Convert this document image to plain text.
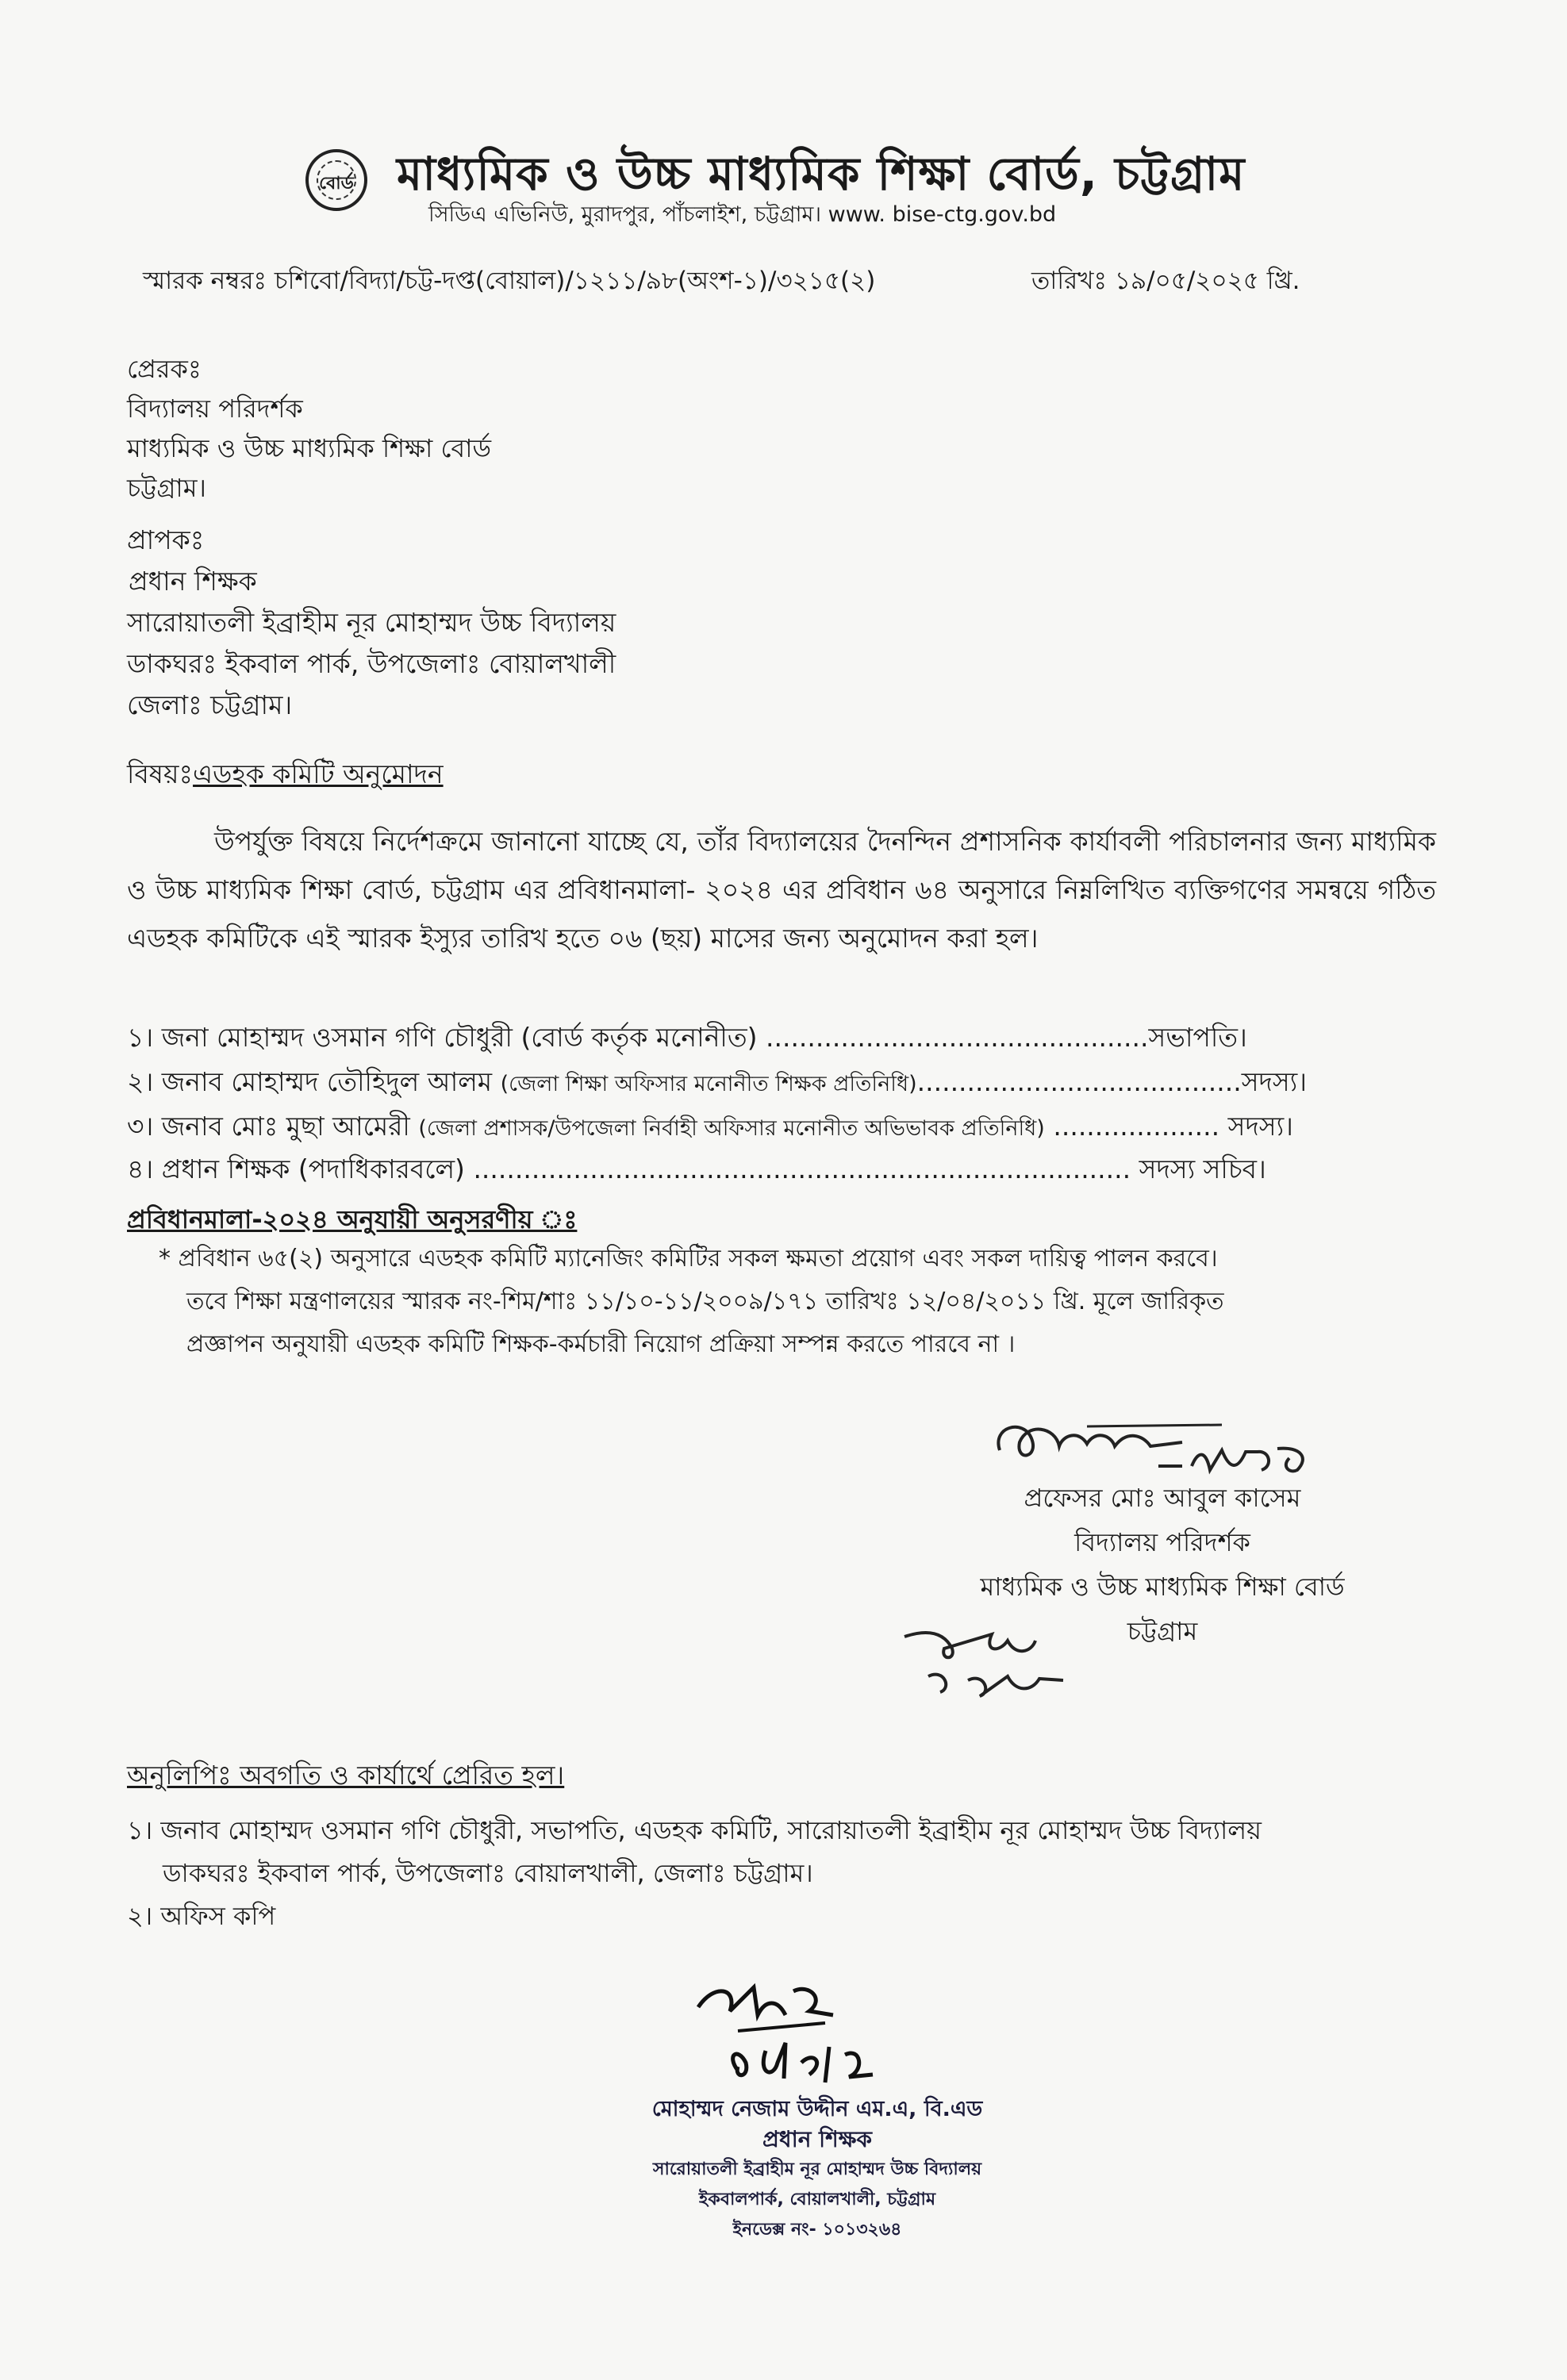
বোর্ড মাধ্যমিক ও উচ্চ মাধ্যমিক শিক্ষা বোর্ড, চট্টগ্রাম
সিডিএ এভিনিউ, মুরাদপুর, পাঁচলাইশ, চট্টগ্রাম। www. bise-ctg.gov.bd
স্মারক নম্বরঃ চশিবো/বিদ্যা/চট্ট-দপ্ত(বোয়াল)/১২১১/৯৮(অংশ-১)/৩২১৫(২)	তারিখঃ ১৯/০৫/২০২৫ খ্রি.
প্রেরকঃ
বিদ্যালয় পরিদর্শক
মাধ্যমিক ও উচ্চ মাধ্যমিক শিক্ষা বোর্ড
চট্টগ্রাম।
প্রাপকঃ
প্রধান শিক্ষক
সারোয়াতলী ইব্রাহীম নূর মোহাম্মদ উচ্চ বিদ্যালয়
ডাকঘরঃ ইকবাল পার্ক, উপজেলাঃ বোয়ালখালী
জেলাঃ চট্টগ্রাম।
বিষয়ঃএডহক কমিটি অনুমোদন
উপর্যুক্ত বিষয়ে নির্দেশক্রমে জানানো যাচ্ছে যে, তাঁর বিদ্যালয়ের দৈনন্দিন প্রশাসনিক কার্যাবলী পরিচালনার জন্য মাধ্যমিক ও উচ্চ মাধ্যমিক শিক্ষা বোর্ড, চট্টগ্রাম এর প্রবিধানমালা- ২০২৪ এর প্রবিধান ৬৪ অনুসারে নিম্নলিখিত ব্যক্তিগণের সমন্বয়ে গঠিত এডহক কমিটিকে এই স্মারক ইস্যুর তারিখ হতে ০৬ (ছয়) মাসের জন্য অনুমোদন করা হল।
১। জনা মোহাম্মদ ওসমান গণি চৌধুরী (বোর্ড কর্তৃক মনোনীত) ..............................................সভাপতি।
২। জনাব মোহাম্মদ তৌহিদুল আলম (জেলা শিক্ষা অফিসার মনোনীত শিক্ষক প্রতিনিধি).......................................সদস্য।
৩। জনাব মোঃ মুছা আমেরী (জেলা প্রশাসক/উপজেলা নির্বাহী অফিসার মনোনীত অভিভাবক প্রতিনিধি) .................... সদস্য।
৪। প্রধান শিক্ষক (পদাধিকারবলে) ............................................................................... সদস্য সচিব।
প্রবিধানমালা-২০২৪ অনুযায়ী অনুসরণীয় ঃ
* প্রবিধান ৬৫(২) অনুসারে এডহক কমিটি ম্যানেজিং কমিটির সকল ক্ষমতা প্রয়োগ এবং সকল দায়িত্ব পালন করবে।
তবে শিক্ষা মন্ত্রণালয়ের স্মারক নং-শিম/শাঃ ১১/১০-১১/২০০৯/১৭১ তারিখঃ ১২/০৪/২০১১ খ্রি. মূলে জারিকৃত
প্রজ্ঞাপন অনুযায়ী এডহক কমিটি শিক্ষক-কর্মচারী নিয়োগ প্রক্রিয়া সম্পন্ন করতে পারবে না ।
প্রফেসর মোঃ আবুল কাসেম
বিদ্যালয় পরিদর্শক
মাধ্যমিক ও উচ্চ মাধ্যমিক শিক্ষা বোর্ড
চট্টগ্রাম
অনুলিপিঃ অবগতি ও কার্যার্থে প্রেরিত হল।
১। জনাব মোহাম্মদ ওসমান গণি চৌধুরী, সভাপতি, এডহক কমিটি, সারোয়াতলী ইব্রাহীম নূর মোহাম্মদ উচ্চ বিদ্যালয়
ডাকঘরঃ ইকবাল পার্ক, উপজেলাঃ বোয়ালখালী, জেলাঃ চট্টগ্রাম।
২। অফিস কপি
মোহাম্মদ নেজাম উদ্দীন এম.এ, বি.এড
প্রধান শিক্ষক
সারোয়াতলী ইব্রাহীম নূর মোহাম্মদ উচ্চ বিদ্যালয়
ইকবালপার্ক, বোয়ালখালী, চট্টগ্রাম
ইনডেক্স নং- ১০১৩২৬৪
